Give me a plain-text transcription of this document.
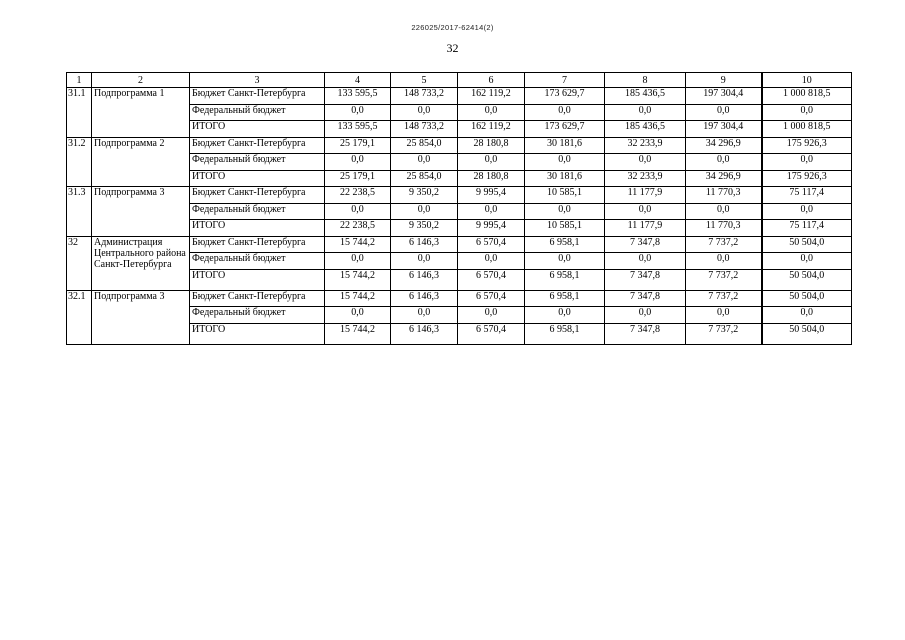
226025/2017-62414(2)
32
1	2	3	4	5	6	7	8	9	10
31.1	Подпрограмма 1	Бюджет Санкт-Петербурга	133 595,5	148 733,2	162 119,2	173 629,7	185 436,5	197 304,4	1 000 818,5
		Федеральный бюджет	0,0	0,0	0,0	0,0	0,0	0,0	0,0
		ИТОГО	133 595,5	148 733,2	162 119,2	173 629,7	185 436,5	197 304,4	1 000 818,5
31.2	Подпрограмма 2	Бюджет Санкт-Петербурга	25 179,1	25 854,0	28 180,8	30 181,6	32 233,9	34 296,9	175 926,3
		Федеральный бюджет	0,0	0,0	0,0	0,0	0,0	0,0	0,0
		ИТОГО	25 179,1	25 854,0	28 180,8	30 181,6	32 233,9	34 296,9	175 926,3
31.3	Подпрограмма 3	Бюджет Санкт-Петербурга	22 238,5	9 350,2	9 995,4	10 585,1	11 177,9	11 770,3	75 117,4
		Федеральный бюджет	0,0	0,0	0,0	0,0	0,0	0,0	0,0
		ИТОГО	22 238,5	9 350,2	9 995,4	10 585,1	11 177,9	11 770,3	75 117,4
32	Администрация Центрального района Санкт-Петербурга	Бюджет Санкт-Петербурга	15 744,2	6 146,3	6 570,4	6 958,1	7 347,8	7 737,2	50 504,0
		Федеральный бюджет	0,0	0,0	0,0	0,0	0,0	0,0	0,0
		ИТОГО	15 744,2	6 146,3	6 570,4	6 958,1	7 347,8	7 737,2	50 504,0
32.1	Подпрограмма 3	Бюджет Санкт-Петербурга	15 744,2	6 146,3	6 570,4	6 958,1	7 347,8	7 737,2	50 504,0
		Федеральный бюджет	0,0	0,0	0,0	0,0	0,0	0,0	0,0
		ИТОГО	15 744,2	6 146,3	6 570,4	6 958,1	7 347,8	7 737,2	50 504,0
